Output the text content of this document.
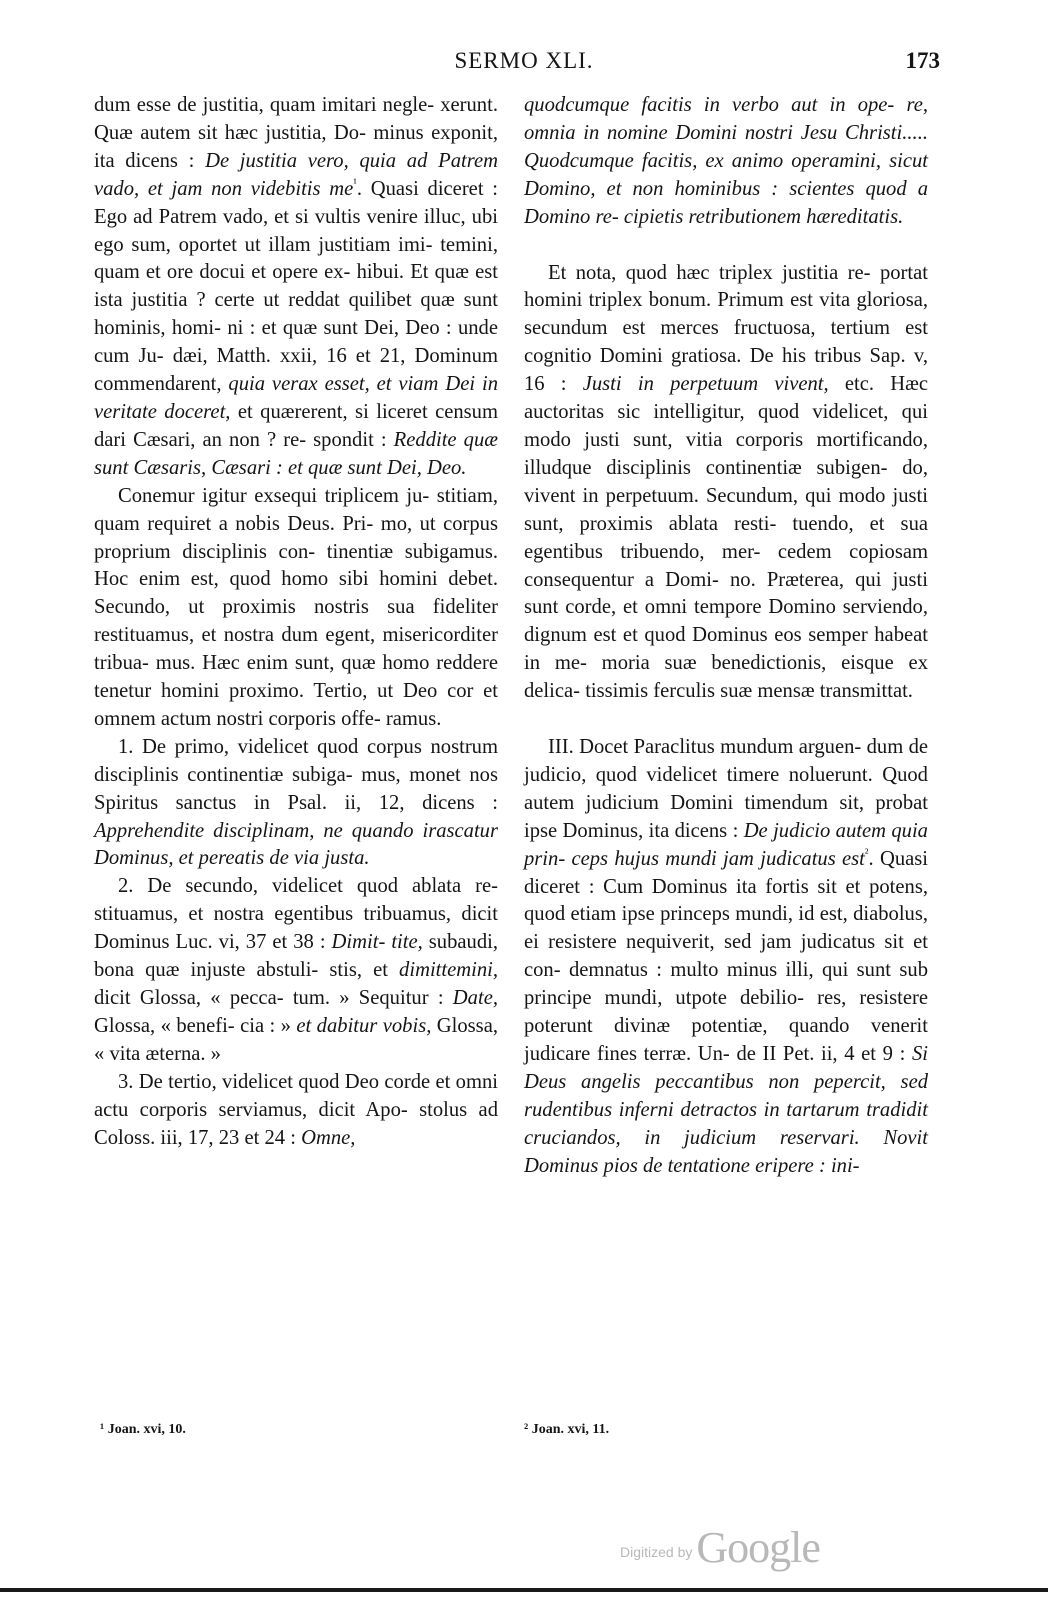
SERMO XLI.	173

dum esse de justitia, quam imitari negle- xerunt. Quæ autem sit hæc justitia, Do- minus exponit, ita dicens : De justitia vero, quia ad Patrem vado, et jam non videbitis $me^{^1}$. Quasi diceret : Ego ad Patrem vado, et si vultis venire illuc, ubi ego sum, oportet ut illam justitiam imi- temini, quam et ore docui et opere ex- hibui. Et quæ est ista justitia ? certe ut reddat quilibet quæ sunt hominis, homi- ni : et quæ sunt Dei, Deo : unde cum Ju- dæi, Matth. xxii, 16 et 21, Dominum commendarent, quia verax esset, et viam Dei in veritate doceret, et quærerent, si liceret censum dari Cæsari, an non ? re- spondit : Reddite quæ sunt Cæsaris, Cæsari : et quæ sunt Dei, Deo.

Conemur igitur exsequi triplicem ju- stitiam, quam requiret a nobis Deus. Pri- mo, ut corpus proprium disciplinis con- tinentiæ subigamus. Hoc enim est, quod homo sibi homini debet. Secundo, ut proximis nostris sua fideliter restituamus, et nostra dum egent, misericorditer tribua- mus. Hæc enim sunt, quæ homo reddere tenetur homini proximo. Tertio, ut Deo cor et omnem actum nostri corporis offe- ramus.

1. De primo, videlicet quod corpus nostrum disciplinis continentiæ subiga- mus, monet nos Spiritus sanctus in Psal. ii, 12, dicens : Apprehendite disciplinam, ne quando irascatur Dominus, et pereatis de via justa.

2. De secundo, videlicet quod ablata re- stituamus, et nostra egentibus tribuamus, dicit Dominus Luc. vi, 37 et 38 : Dimit- tite, subaudi, bona quæ injuste abstuli- stis, et dimittemini, dicit Glossa, « pecca- tum. » Sequitur : Date, Glossa, « benefi- cia : » et dabitur vobis, Glossa, « vita æterna. »

3. De tertio, videlicet quod Deo corde et omni actu corporis serviamus, dicit Apo- stolus ad Coloss. iii, 17, 23 et 24 : Omne,

quodcumque facitis in verbo aut in ope- re, omnia in nomine Domini nostri Jesu Christi..... Quodcumque facitis, ex animo operamini, sicut Domino, et non hominibus : scientes quod a Domino re- cipietis retributionem hæreditatis.

Et nota, quod hæc triplex justitia re- portat homini triplex bonum. Primum est vita gloriosa, secundum est merces fructuosa, tertium est cognitio Domini gratiosa. De his tribus Sap. v, 16 : Justi in perpetuum vivent, etc. Hæc auctoritas sic intelligitur, quod videlicet, qui modo justi sunt, vitia corporis mortificando, illudque disciplinis continentiæ subigen- do, vivent in perpetuum. Secundum, qui modo justi sunt, proximis ablata resti- tuendo, et sua egentibus tribuendo, mer- cedem copiosam consequentur a Domi- no. Præterea, qui justi sunt corde, et omni tempore Domino serviendo, dignum est et quod Dominus eos semper habeat in me- moria suæ benedictionis, eisque ex delica- tissimis ferculis suæ mensæ transmittat.

III. Docet Paraclitus mundum arguen- dum de judicio, quod videlicet timere noluerunt. Quod autem judicium Domini timendum sit, probat ipse Dominus, ita dicens : De judicio autem quia prin- ceps hujus mundi jam judicatus est$^{^2}$. Quasi diceret : Cum Dominus ita fortis sit et potens, quod etiam ipse princeps mundi, id est, diabolus, ei resistere nequiverit, sed jam judicatus sit et con- demnatus : multo minus illi, qui sunt sub principe mundi, utpote debilio- res, resistere poterunt divinæ potentiæ, quando venerit judicare fines terræ. Un- de II Pet. ii, 4 et 9 : Si Deus angelis peccantibus non pepercit, sed rudentibus inferni detractos in tartarum tradidit cruciandos, in judicium reservari. Novit Dominus pios de tentatione eripere : ini-

¹ Joan. xvi, 10.	² Joan. xvi, 11.
Digitized by Google
